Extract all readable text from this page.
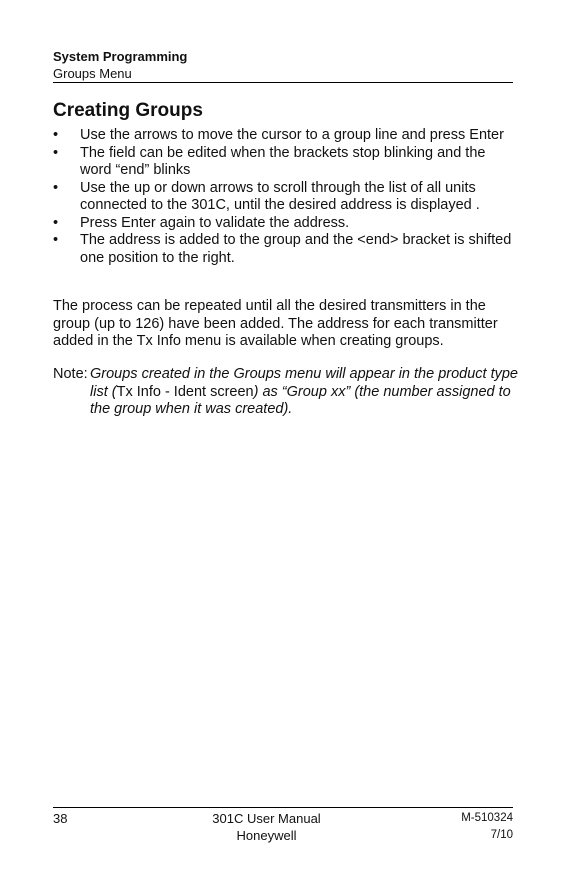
System Programming
Groups Menu
Creating Groups
• Use the arrows to move the cursor to a group line and press Enter
• The field can be edited when the brackets stop blinking and the word “end” blinks
• Use the up or down arrows to scroll through the list of all units connected to the 301C, until the desired address is displayed .
• Press Enter again to validate the address.
• The address is added to the group and the <end> bracket is shifted one position to the right.

The process can be repeated until all the desired transmitters in the group (up to 126) have been added. The address for each transmitter added in the Tx Info menu is available when creating groups.

Note: Groups created in the Groups menu will appear in the product type list (Tx Info - Ident screen) as “Group xx” (the number assigned to the group when it was created).
38	301C User Manual
Honeywell
M-510324
7/10
